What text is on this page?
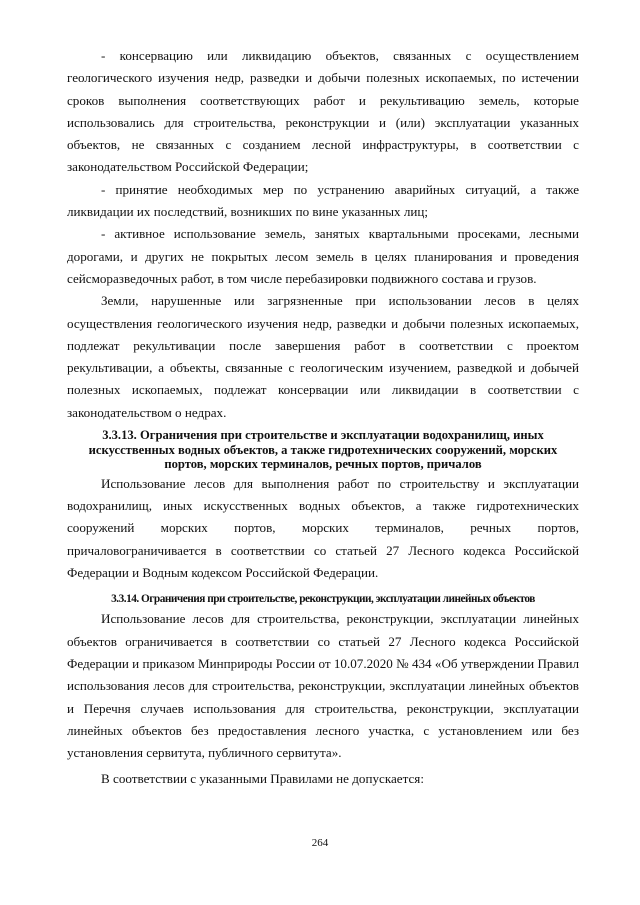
- консервацию или ликвидацию объектов, связанных с осуществлением геологического изучения недр, разведки и добычи полезных ископаемых, по истечении сроков выполнения соответствующих работ и рекультивацию земель, которые использовались для строительства, реконструкции и (или) эксплуатации указанных объектов, не связанных с созданием лесной инфраструктуры, в соответствии с законодательством Российской Федерации;

- принятие необходимых мер по устранению аварийных ситуаций, а также ликвидации их последствий, возникших по вине указанных лиц;

- активное использование земель, занятых квартальными просеками, лесными дорогами, и других не покрытых лесом земель в целях планирования и проведения сейсморазведочных работ, в том числе перебазировки подвижного состава и грузов.

Земли, нарушенные или загрязненные при использовании лесов в целях осуществления геологического изучения недр, разведки и добычи полезных ископаемых, подлежат рекультивации после завершения работ в соответствии с проектом рекультивации, а объекты, связанные с геологическим изучением, разведкой и добычей полезных ископаемых, подлежат консервации или ликвидации в соответствии с законодательством о недрах.

3.3.13. Ограничения при строительстве и эксплуатации водохранилищ, иных искусственных водных объектов, а также гидротехнических сооружений, морских портов, морских терминалов, речных портов, причалов

Использование лесов для выполнения работ по строительству и эксплуатации водохранилищ, иных искусственных водных объектов, а также гидротехнических сооружений морских портов, морских терминалов, речных портов, причаловограничивается в соответствии со статьей 27 Лесного кодекса Российской Федерации и Водным кодексом Российской Федерации.

3.3.14. Ограничения при строительстве, реконструкции, эксплуатации линейных объектов

Использование лесов для строительства, реконструкции, эксплуатации линейных объектов ограничивается в соответствии со статьей 27 Лесного кодекса Российской Федерации и приказом Минприроды России от 10.07.2020 № 434 «Об утверждении Правил использования лесов для строительства, реконструкции, эксплуатации линейных объектов и Перечня случаев использования для строительства, реконструкции, эксплуатации линейных объектов без предоставления лесного участка, с установлением или без установления сервитута, публичного сервитута».

В соответствии с указанными Правилами не допускается:

264
